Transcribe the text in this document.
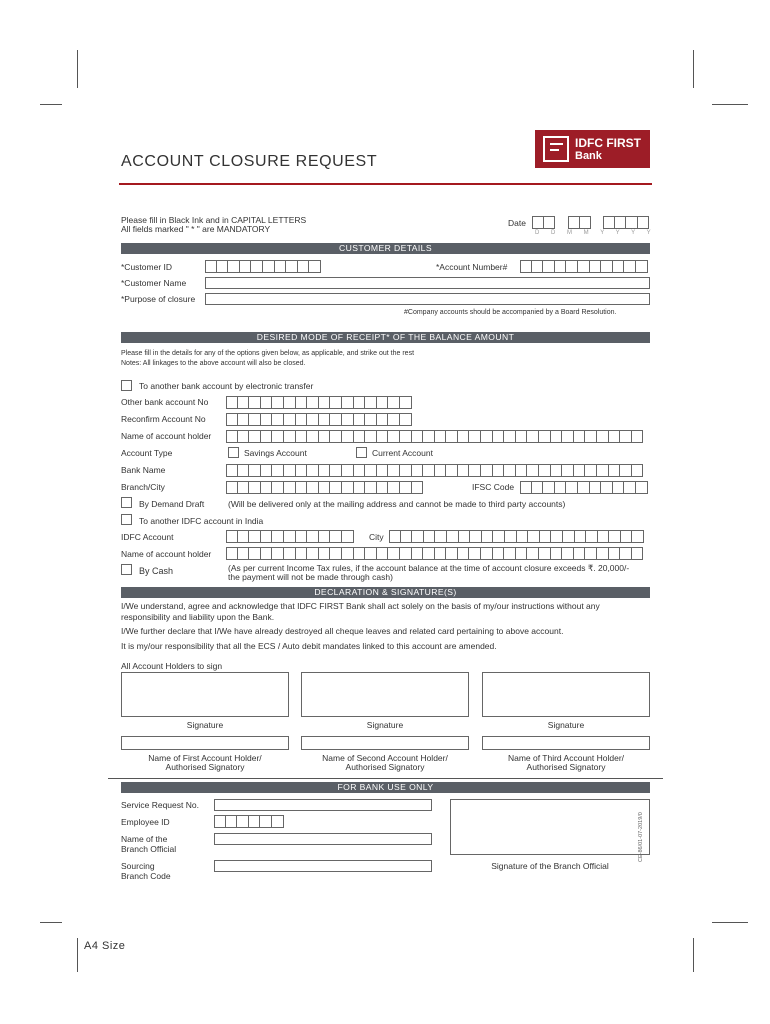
ACCOUNT CLOSURE REQUEST
IDFC FIRST
Bank
Please fill in Black Ink and in CAPITAL LETTERS
All fields marked " * " are MANDATORY
Date
D D M M Y Y Y Y
CUSTOMER DETAILS
*Customer ID	*Account Number#
*Customer Name
*Purpose of closure
#Company accounts should be accompanied by a Board Resolution.
DESIRED MODE OF RECEIPT* OF THE BALANCE AMOUNT
Please fill in the details for any of the options given below, as applicable, and strike out the rest
Notes: All linkages to the above account will also be closed.
To another bank account by electronic transfer
Other bank account No
Reconfirm Account No
Name of account holder
Account Type	Savings Account	Current Account
Bank Name
Branch/City	IFSC Code
By Demand Draft	(Will be delivered only at the mailing address and cannot be made to third party accounts)
To another IDFC account in India
IDFC Account	City
Name of account holder
By Cash	(As per current Income Tax rules, if the account balance at the time of account closure exceeds ₹. 20,000/-
the payment will not be made through cash)
DECLARATION & SIGNATURE(S)
I/We understand, agree and acknowledge that IDFC FIRST Bank shall act solely on the basis of my/our instructions without any
responsibility and liability upon the Bank.
I/We further declare that I/We have already destroyed all cheque leaves and related card pertaining to above account.
It is my/our responsibility that all the ECS / Auto debit mandates linked to this account are amended.
All Account Holders to sign
Signature	Signature	Signature
Name of First Account Holder/
Authorised Signatory
Name of Second Account Holder/
Authorised Signatory
Name of Third Account Holder/
Authorised Signatory
FOR BANK USE ONLY
Service Request No.
Employee ID
Name of the
Branch Official
Sourcing
Branch Code
Signature of the Branch Official
CE-86/01-07-2019/0
A4 Size
